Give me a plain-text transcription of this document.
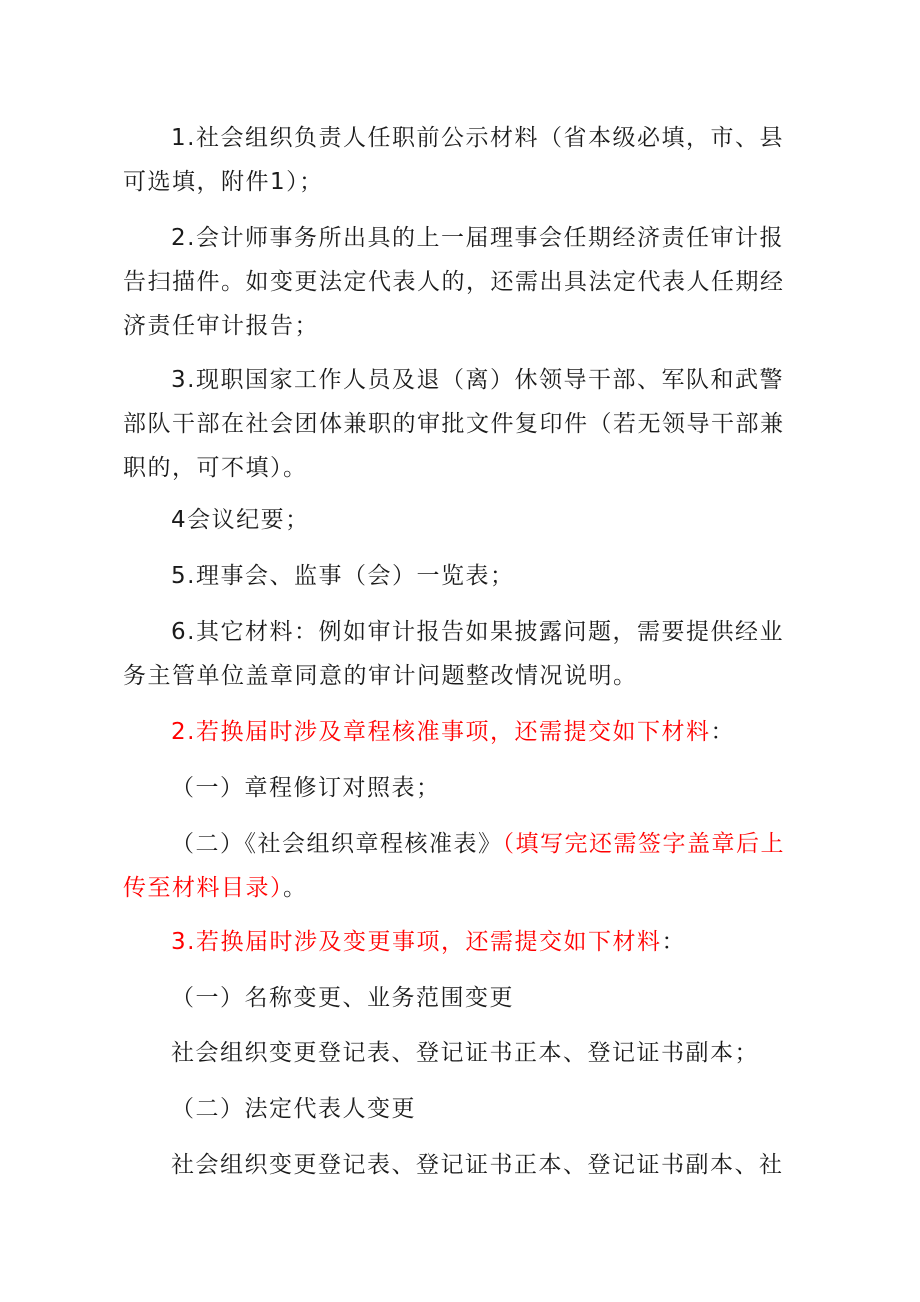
1.社会组织负责人任职前公示材料（省本级必填，市、县可选填，附件1）；

2.会计师事务所出具的上一届理事会任期经济责任审计报告扫描件。如变更法定代表人的，还需出具法定代表人任期经济责任审计报告；

3.现职国家工作人员及退（离）休领导干部、军队和武警部队干部在社会团体兼职的审批文件复印件（若无领导干部兼职的，可不填）。

4会议纪要；

5.理事会、监事（会）一览表；

6.其它材料：例如审计报告如果披露问题，需要提供经业务主管单位盖章同意的审计问题整改情况说明。

2.若换届时涉及章程核准事项，还需提交如下材料：

（一）章程修订对照表；

（二）《社会组织章程核准表》（填写完还需签字盖章后上传至材料目录）。

3.若换届时涉及变更事项，还需提交如下材料：

（一）名称变更、业务范围变更

社会组织变更登记表、登记证书正本、登记证书副本；

（二）法定代表人变更

社会组织变更登记表、登记证书正本、登记证书副本、社
